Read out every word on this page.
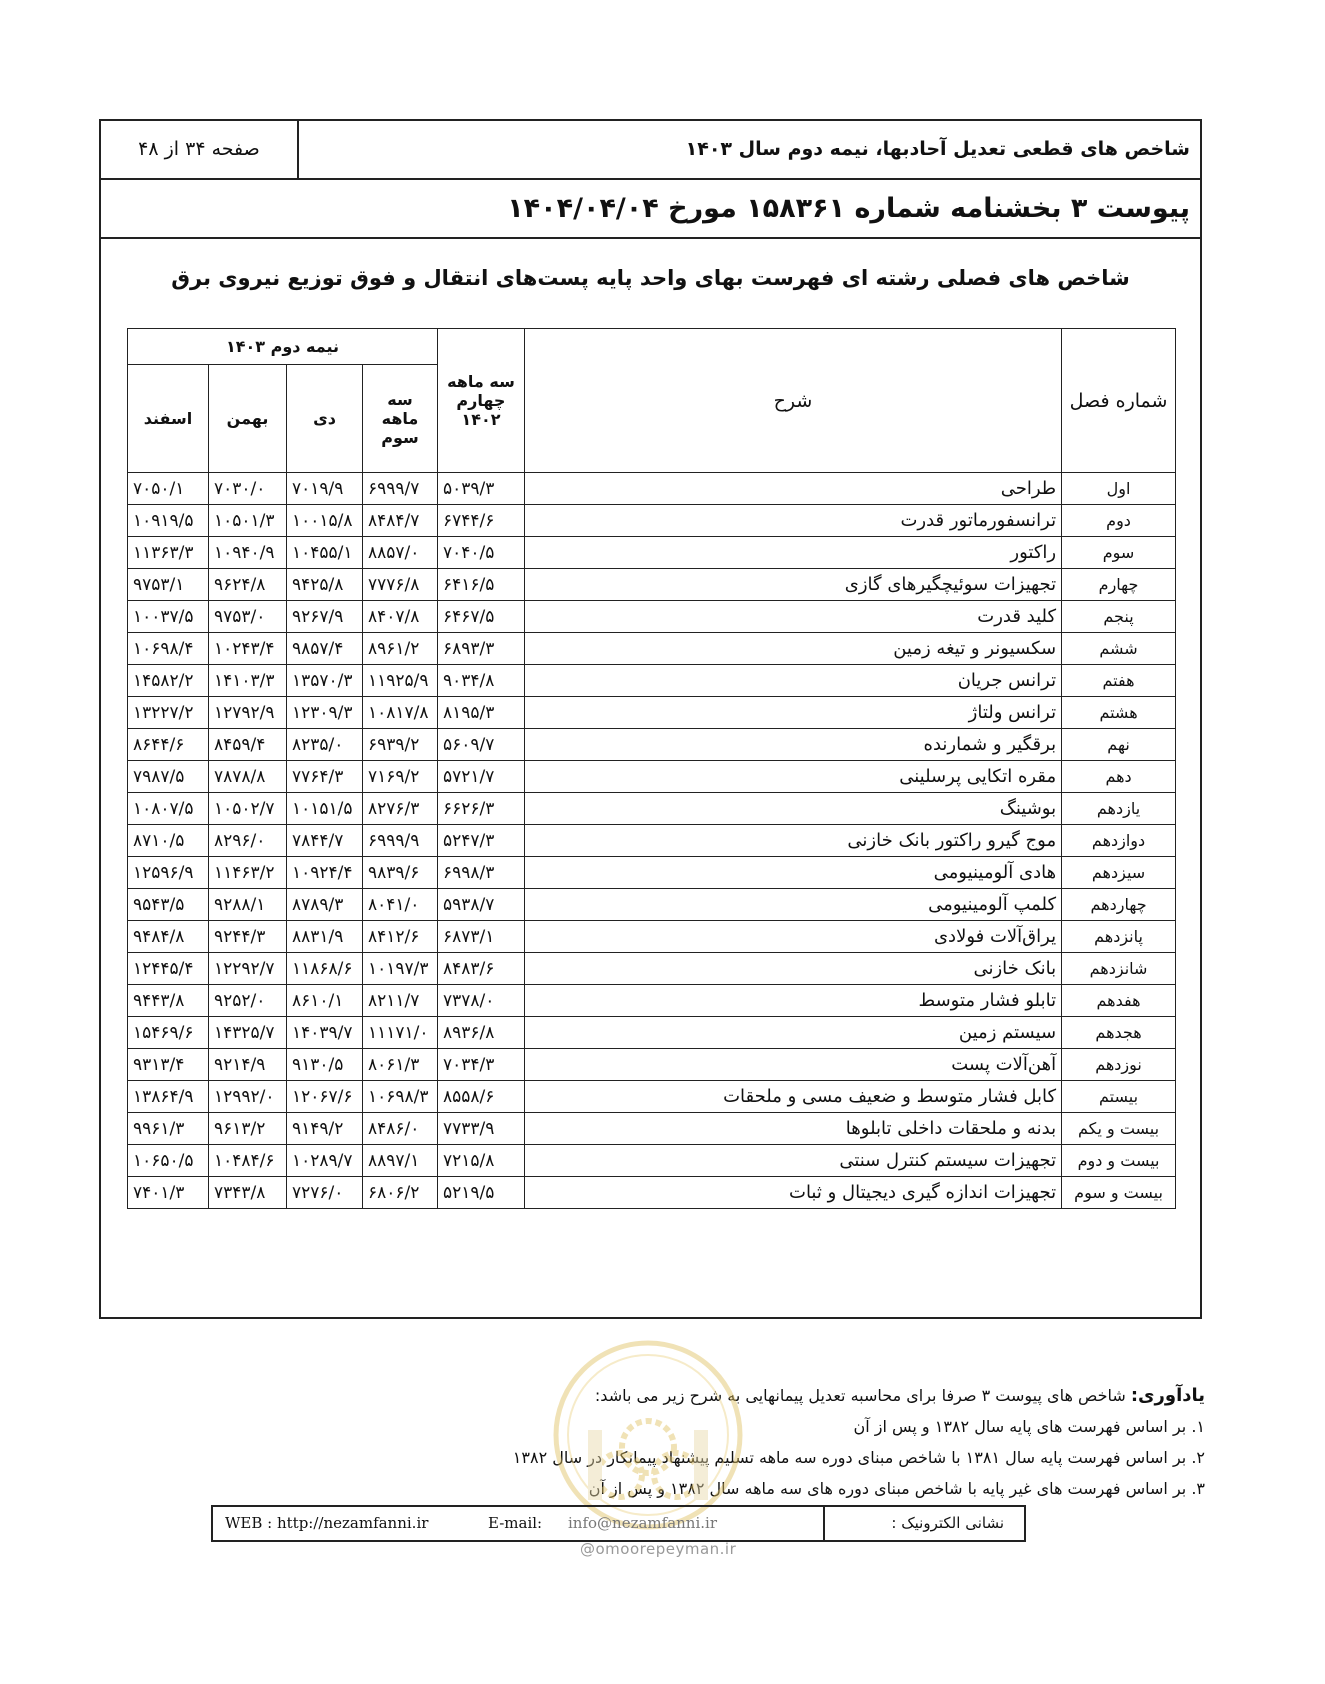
شاخص های قطعی تعدیل آحادبها، نیمه دوم سال ۱۴۰۳
صفحه ۳۴ از ۴۸
پیوست ۳ بخشنامه شماره ۱۵۸۳۶۱ مورخ ۱۴۰۴/۰۴/۰۴
شاخص های فصلی رشته ای فهرست بهای واحد پایه پست‌های انتقال و فوق توزیع نیروی برق
شماره فصل	شرح	سه ماهه چهارم ۱۴۰۲	نیمه دوم ۱۴۰۳			
			سه ماهه سوم	دی	بهمن	اسفند
اول	طراحی	۵۰۳۹/۳	۶۹۹۹/۷	۷۰۱۹/۹	۷۰۳۰/۰	۷۰۵۰/۱
دوم	ترانسفورماتور قدرت	۶۷۴۴/۶	۸۴۸۴/۷	۱۰۰۱۵/۸	۱۰۵۰۱/۳	۱۰۹۱۹/۵
سوم	راکتور	۷۰۴۰/۵	۸۸۵۷/۰	۱۰۴۵۵/۱	۱۰۹۴۰/۹	۱۱۳۶۳/۳
چهارم	تجهیزات سوئیچگیرهای گازی	۶۴۱۶/۵	۷۷۷۶/۸	۹۴۲۵/۸	۹۶۲۴/۸	۹۷۵۳/۱
پنجم	کلید قدرت	۶۴۶۷/۵	۸۴۰۷/۸	۹۲۶۷/۹	۹۷۵۳/۰	۱۰۰۳۷/۵
ششم	سکسیونر و تیغه زمین	۶۸۹۳/۳	۸۹۶۱/۲	۹۸۵۷/۴	۱۰۲۴۳/۴	۱۰۶۹۸/۴
هفتم	ترانس جریان	۹۰۳۴/۸	۱۱۹۲۵/۹	۱۳۵۷۰/۳	۱۴۱۰۳/۳	۱۴۵۸۲/۲
هشتم	ترانس ولتاژ	۸۱۹۵/۳	۱۰۸۱۷/۸	۱۲۳۰۹/۳	۱۲۷۹۲/۹	۱۳۲۲۷/۲
نهم	برقگیر و شمارنده	۵۶۰۹/۷	۶۹۳۹/۲	۸۲۳۵/۰	۸۴۵۹/۴	۸۶۴۴/۶
دهم	مقره اتکایی پرسلینی	۵۷۲۱/۷	۷۱۶۹/۲	۷۷۶۴/۳	۷۸۷۸/۸	۷۹۸۷/۵
یازدهم	بوشینگ	۶۶۲۶/۳	۸۲۷۶/۳	۱۰۱۵۱/۵	۱۰۵۰۲/۷	۱۰۸۰۷/۵
دوازدهم	موج گیرو راکتور بانک خازنی	۵۲۴۷/۳	۶۹۹۹/۹	۷۸۴۴/۷	۸۲۹۶/۰	۸۷۱۰/۵
سیزدهم	هادی آلومینیومی	۶۹۹۸/۳	۹۸۳۹/۶	۱۰۹۲۴/۴	۱۱۴۶۳/۲	۱۲۵۹۶/۹
چهاردهم	کلمپ آلومینیومی	۵۹۳۸/۷	۸۰۴۱/۰	۸۷۸۹/۳	۹۲۸۸/۱	۹۵۴۳/۵
پانزدهم	یراق‌آلات فولادی	۶۸۷۳/۱	۸۴۱۲/۶	۸۸۳۱/۹	۹۲۴۴/۳	۹۴۸۴/۸
شانزدهم	بانک خازنی	۸۴۸۳/۶	۱۰۱۹۷/۳	۱۱۸۶۸/۶	۱۲۲۹۲/۷	۱۲۴۴۵/۴
هفدهم	تابلو فشار متوسط	۷۳۷۸/۰	۸۲۱۱/۷	۸۶۱۰/۱	۹۲۵۲/۰	۹۴۴۳/۸
هجدهم	سیستم زمین	۸۹۳۶/۸	۱۱۱۷۱/۰	۱۴۰۳۹/۷	۱۴۳۲۵/۷	۱۵۴۶۹/۶
نوزدهم	آهن‌آلات پست	۷۰۳۴/۳	۸۰۶۱/۳	۹۱۳۰/۵	۹۲۱۴/۹	۹۳۱۳/۴
بیستم	کابل فشار متوسط و ضعیف مسی و ملحقات	۸۵۵۸/۶	۱۰۶۹۸/۳	۱۲۰۶۷/۶	۱۲۹۹۲/۰	۱۳۸۶۴/۹
بیست و یکم	بدنه و ملحقات داخلی تابلوها	۷۷۳۳/۹	۸۴۸۶/۰	۹۱۴۹/۲	۹۶۱۳/۲	۹۹۶۱/۳
بیست و دوم	تجهیزات سیستم کنترل سنتی	۷۲۱۵/۸	۸۸۹۷/۱	۱۰۲۸۹/۷	۱۰۴۸۴/۶	۱۰۶۵۰/۵
بیست و سوم	تجهیزات اندازه گیری دیجیتال و ثبات	۵۲۱۹/۵	۶۸۰۶/۲	۷۲۷۶/۰	۷۳۴۳/۸	۷۴۰۱/۳
یادآوری: شاخص های پیوست ۳ صرفا برای محاسبه تعدیل پیمانهایی به شرح زیر می باشد:
۱. بر اساس فهرست های پایه سال ۱۳۸۲ و پس از آن
۲. بر اساس فهرست پایه سال ۱۳۸۱ با شاخص مبنای دوره سه ماهه تسلیم پیشنهاد پیمانکار در سال ۱۳۸۲
۳. بر اساس فهرست های غیر پایه با شاخص مبنای دوره های سه ماهه سال ۱۳۸۲ و پس از آن
@omoorepeyman.ir
WEB : http://nezamfanni.ir	E-mail: info@nezamfanni.ir	نشانی الکترونیک :
